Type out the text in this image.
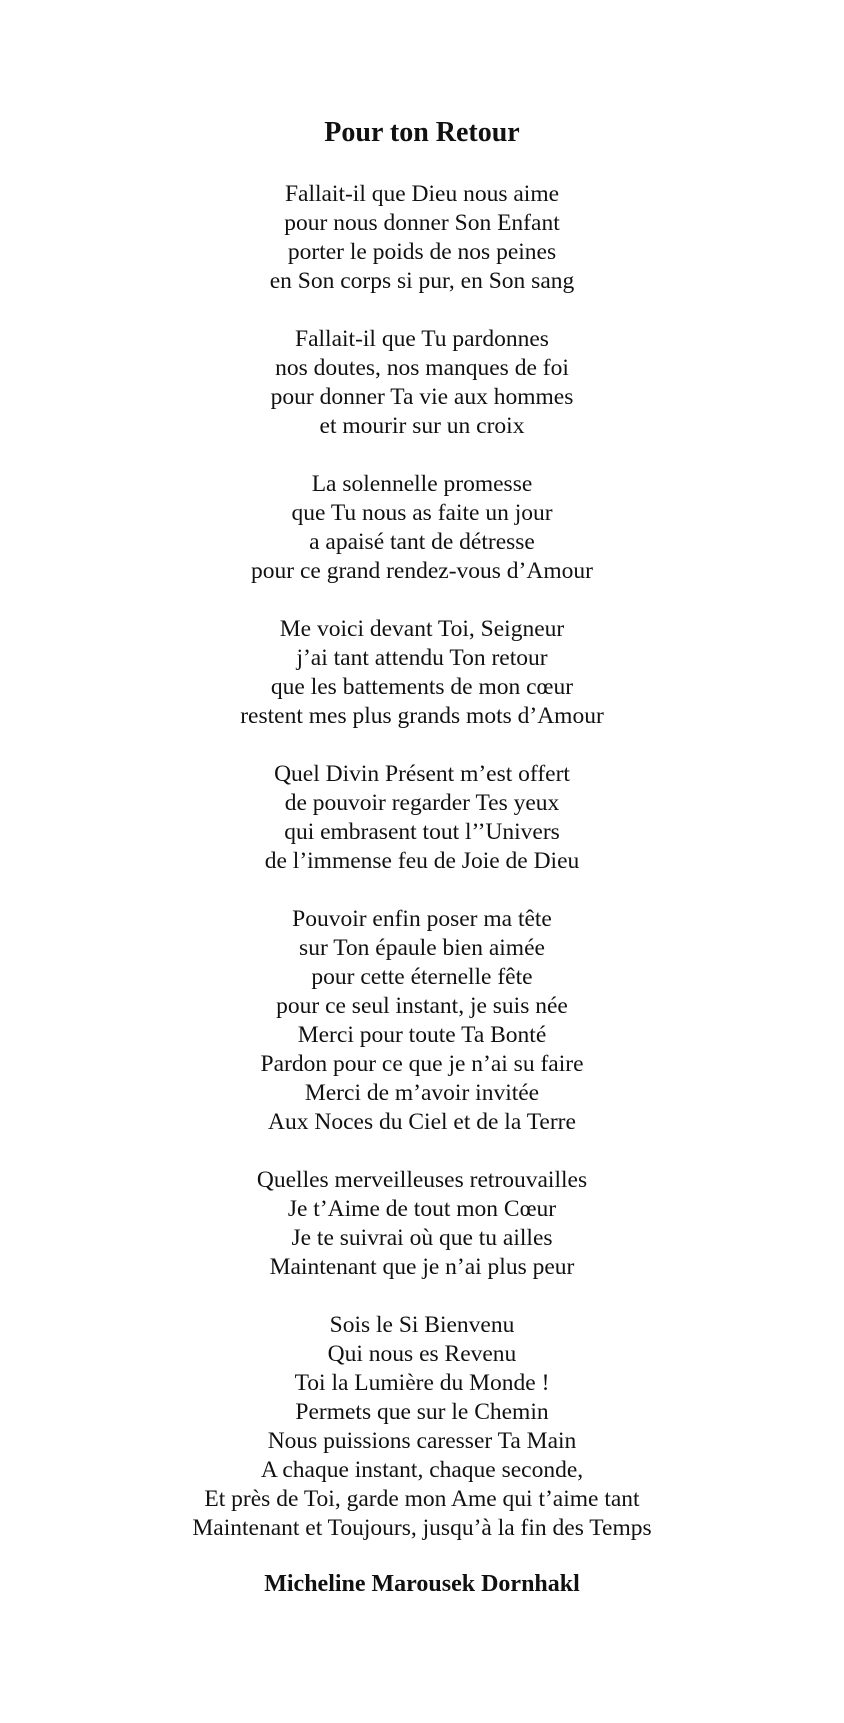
Pour ton Retour
Fallait-il que Dieu nous aime
pour nous donner Son Enfant
porter le poids de nos peines
en Son corps si pur, en Son sang
Fallait-il que Tu pardonnes
nos doutes, nos manques de foi
pour donner Ta vie aux hommes
et mourir sur un croix
La solennelle promesse
que Tu nous as faite un jour
a apaisé tant de détresse
pour ce grand rendez-vous d’Amour
Me voici devant Toi, Seigneur
j’ai tant attendu Ton retour
que les battements de mon cœur
restent mes plus grands mots d’Amour
Quel Divin Présent m’est offert
de pouvoir regarder Tes yeux
qui embrasent tout l’’Univers
de l’immense feu de Joie de Dieu
Pouvoir enfin poser ma tête
sur Ton épaule bien aimée
pour cette éternelle fête
pour ce seul instant, je suis née
Merci pour toute Ta Bonté
Pardon pour ce que je n’ai su faire
Merci de m’avoir invitée
Aux Noces du Ciel et de la Terre
Quelles merveilleuses retrouvailles
Je t’Aime de tout mon Cœur
Je te suivrai où que tu ailles
Maintenant que je n’ai plus peur
Sois le Si Bienvenu
Qui nous es Revenu
Toi la Lumière du Monde !
Permets que sur le Chemin
Nous puissions caresser Ta Main
A chaque instant, chaque seconde,
Et près de Toi, garde mon Ame qui t’aime tant
Maintenant et Toujours, jusqu’à la fin des Temps

Micheline Marousek Dornhakl
